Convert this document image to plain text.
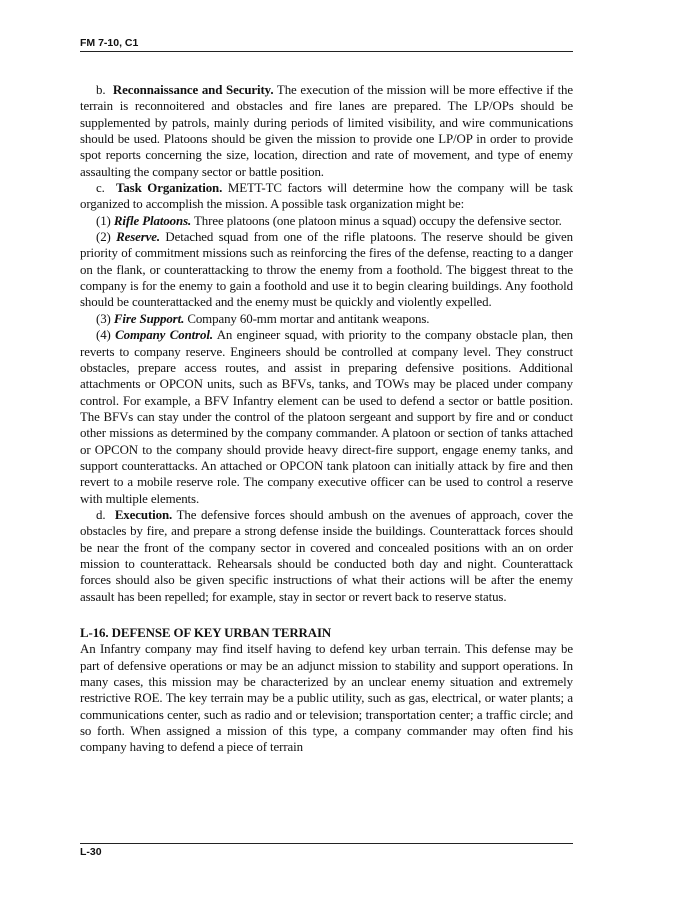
FM 7-10, C1

b. Reconnaissance and Security. The execution of the mission will be more effective if the terrain is reconnoitered and obstacles and fire lanes are prepared. The LP/OPs should be supplemented by patrols, mainly during periods of limited visibility, and wire communications should be used. Platoons should be given the mission to provide one LP/OP in order to provide spot reports concerning the size, location, direction and rate of movement, and type of enemy assaulting the company sector or battle position.

c. Task Organization. METT-TC factors will determine how the company will be task organized to accomplish the mission. A possible task organization might be:

(1) Rifle Platoons. Three platoons (one platoon minus a squad) occupy the defensive sector.

(2) Reserve. Detached squad from one of the rifle platoons. The reserve should be given priority of commitment missions such as reinforcing the fires of the defense, reacting to a danger on the flank, or counterattacking to throw the enemy from a foothold. The biggest threat to the company is for the enemy to gain a foothold and use it to begin clearing buildings. Any foothold should be counterattacked and the enemy must be quickly and violently expelled.

(3) Fire Support. Company 60-mm mortar and antitank weapons.

(4) Company Control. An engineer squad, with priority to the company obstacle plan, then reverts to company reserve. Engineers should be controlled at company level. They construct obstacles, prepare access routes, and assist in preparing defensive positions. Additional attachments or OPCON units, such as BFVs, tanks, and TOWs may be placed under company control. For example, a BFV Infantry element can be used to defend a sector or battle position. The BFVs can stay under the control of the platoon sergeant and support by fire and or conduct other missions as determined by the company commander. A platoon or section of tanks attached or OPCON to the company should provide heavy direct-fire support, engage enemy tanks, and support counterattacks. An attached or OPCON tank platoon can initially attack by fire and then revert to a mobile reserve role. The company executive officer can be used to control a reserve with multiple elements.

d. Execution. The defensive forces should ambush on the avenues of approach, cover the obstacles by fire, and prepare a strong defense inside the buildings. Counterattack forces should be near the front of the company sector in covered and concealed positions with an on order mission to counterattack. Rehearsals should be conducted both day and night. Counterattack forces should also be given specific instructions of what their actions will be after the enemy assault has been repelled; for example, stay in sector or revert back to reserve status.

L-16. DEFENSE OF KEY URBAN TERRAIN

An Infantry company may find itself having to defend key urban terrain. This defense may be part of defensive operations or may be an adjunct mission to stability and support operations. In many cases, this mission may be characterized by an unclear enemy situation and extremely restrictive ROE. The key terrain may be a public utility, such as gas, electrical, or water plants; a communications center, such as radio and or television; transportation center; a traffic circle; and so forth. When assigned a mission of this type, a company commander may often find his company having to defend a piece of terrain

L-30
